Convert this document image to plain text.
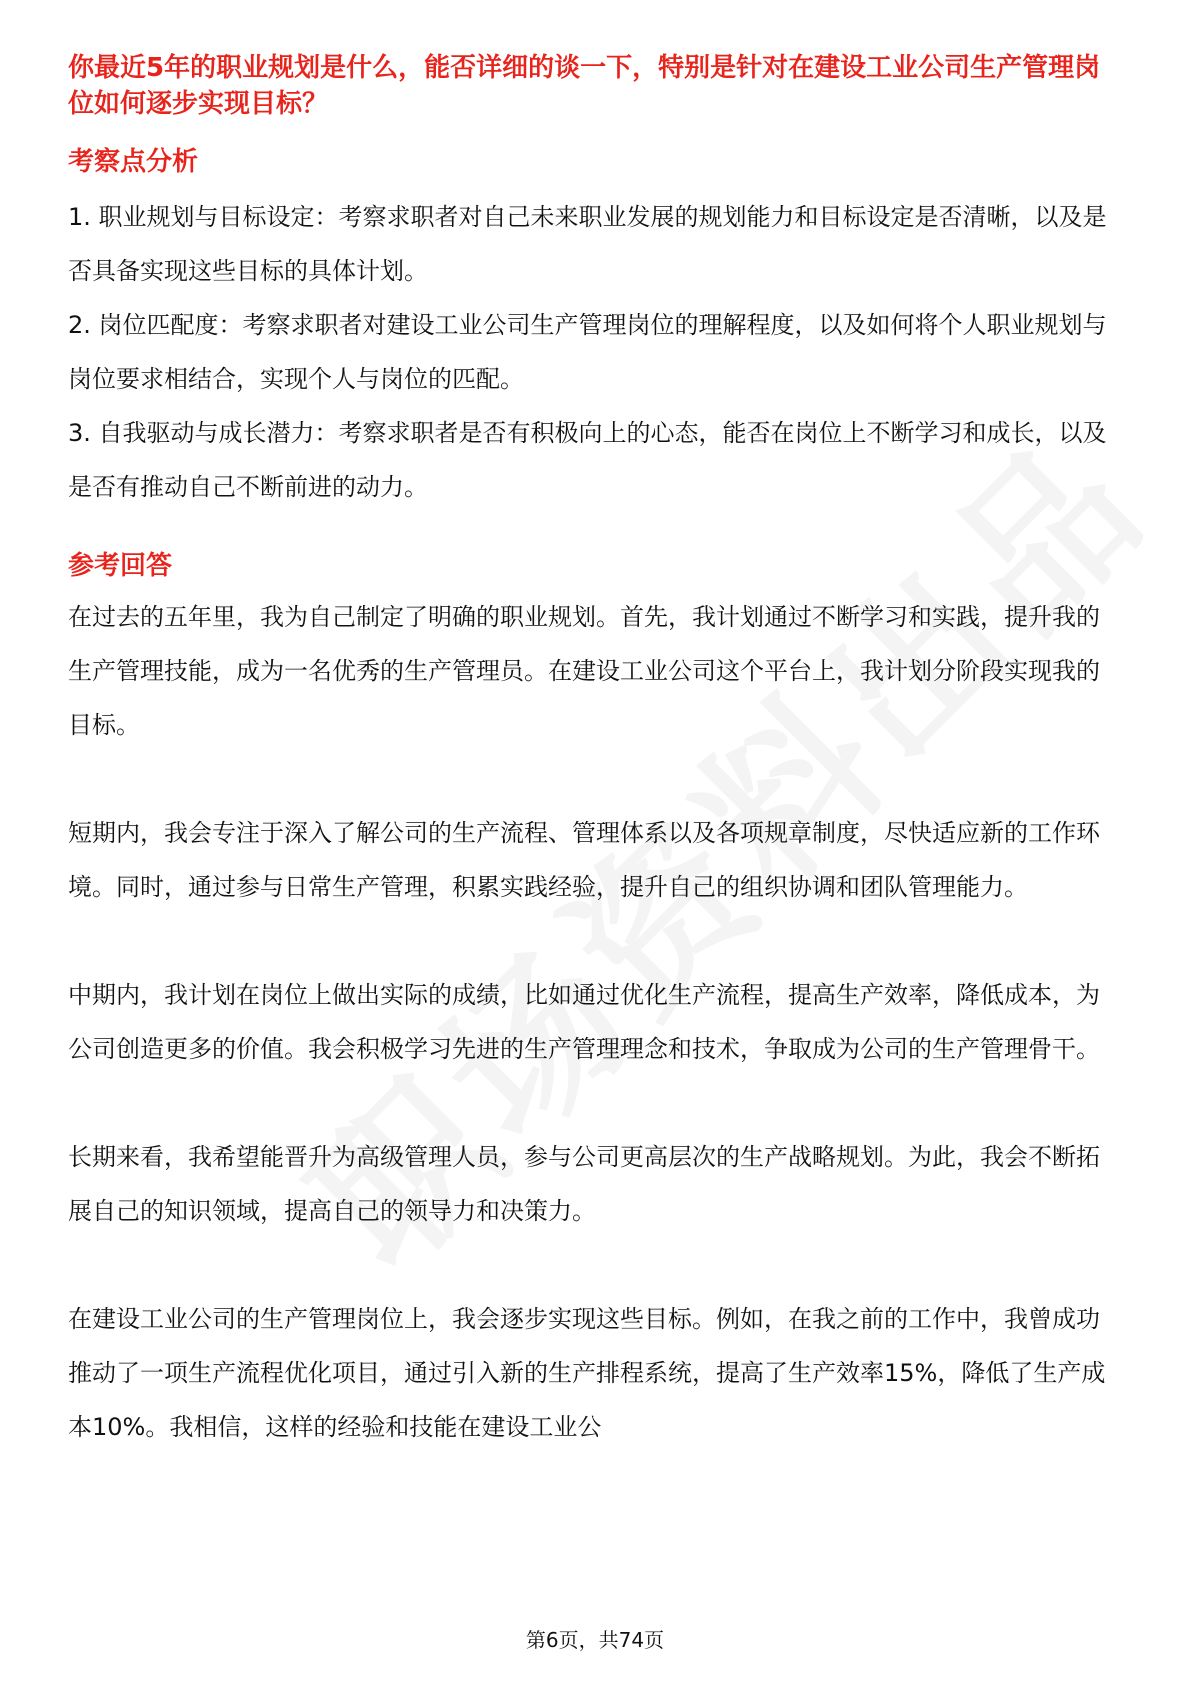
你最近5年的职业规划是什么，能否详细的谈一下，特别是针对在建设工业公司生产管理岗位如何逐步实现目标？
考察点分析
1. 职业规划与目标设定：考察求职者对自己未来职业发展的规划能力和目标设定是否清晰，以及是否具备实现这些目标的具体计划。
2. 岗位匹配度：考察求职者对建设工业公司生产管理岗位的理解程度，以及如何将个人职业规划与岗位要求相结合，实现个人与岗位的匹配。
3. 自我驱动与成长潜力：考察求职者是否有积极向上的心态，能否在岗位上不断学习和成长，以及是否有推动自己不断前进的动力。
参考回答

在过去的五年里，我为自己制定了明确的职业规划。首先，我计划通过不断学习和实践，提升我的生产管理技能，成为一名优秀的生产管理员。在建设工业公司这个平台上，我计划分阶段实现我的目标。

短期内，我会专注于深入了解公司的生产流程、管理体系以及各项规章制度，尽快适应新的工作环境。同时，通过参与日常生产管理，积累实践经验，提升自己的组织协调和团队管理能力。

中期内，我计划在岗位上做出实际的成绩，比如通过优化生产流程，提高生产效率，降低成本，为公司创造更多的价值。我会积极学习先进的生产管理理念和技术，争取成为公司的生产管理骨干。

长期来看，我希望能晋升为高级管理人员，参与公司更高层次的生产战略规划。为此，我会不断拓展自己的知识领域，提高自己的领导力和决策力。

在建设工业公司的生产管理岗位上，我会逐步实现这些目标。例如，在我之前的工作中，我曾成功推动了一项生产流程优化项目，通过引入新的生产排程系统，提高了生产效率15%，降低了生产成本10%。我相信，这样的经验和技能在建设工业公

第6页，共74页
